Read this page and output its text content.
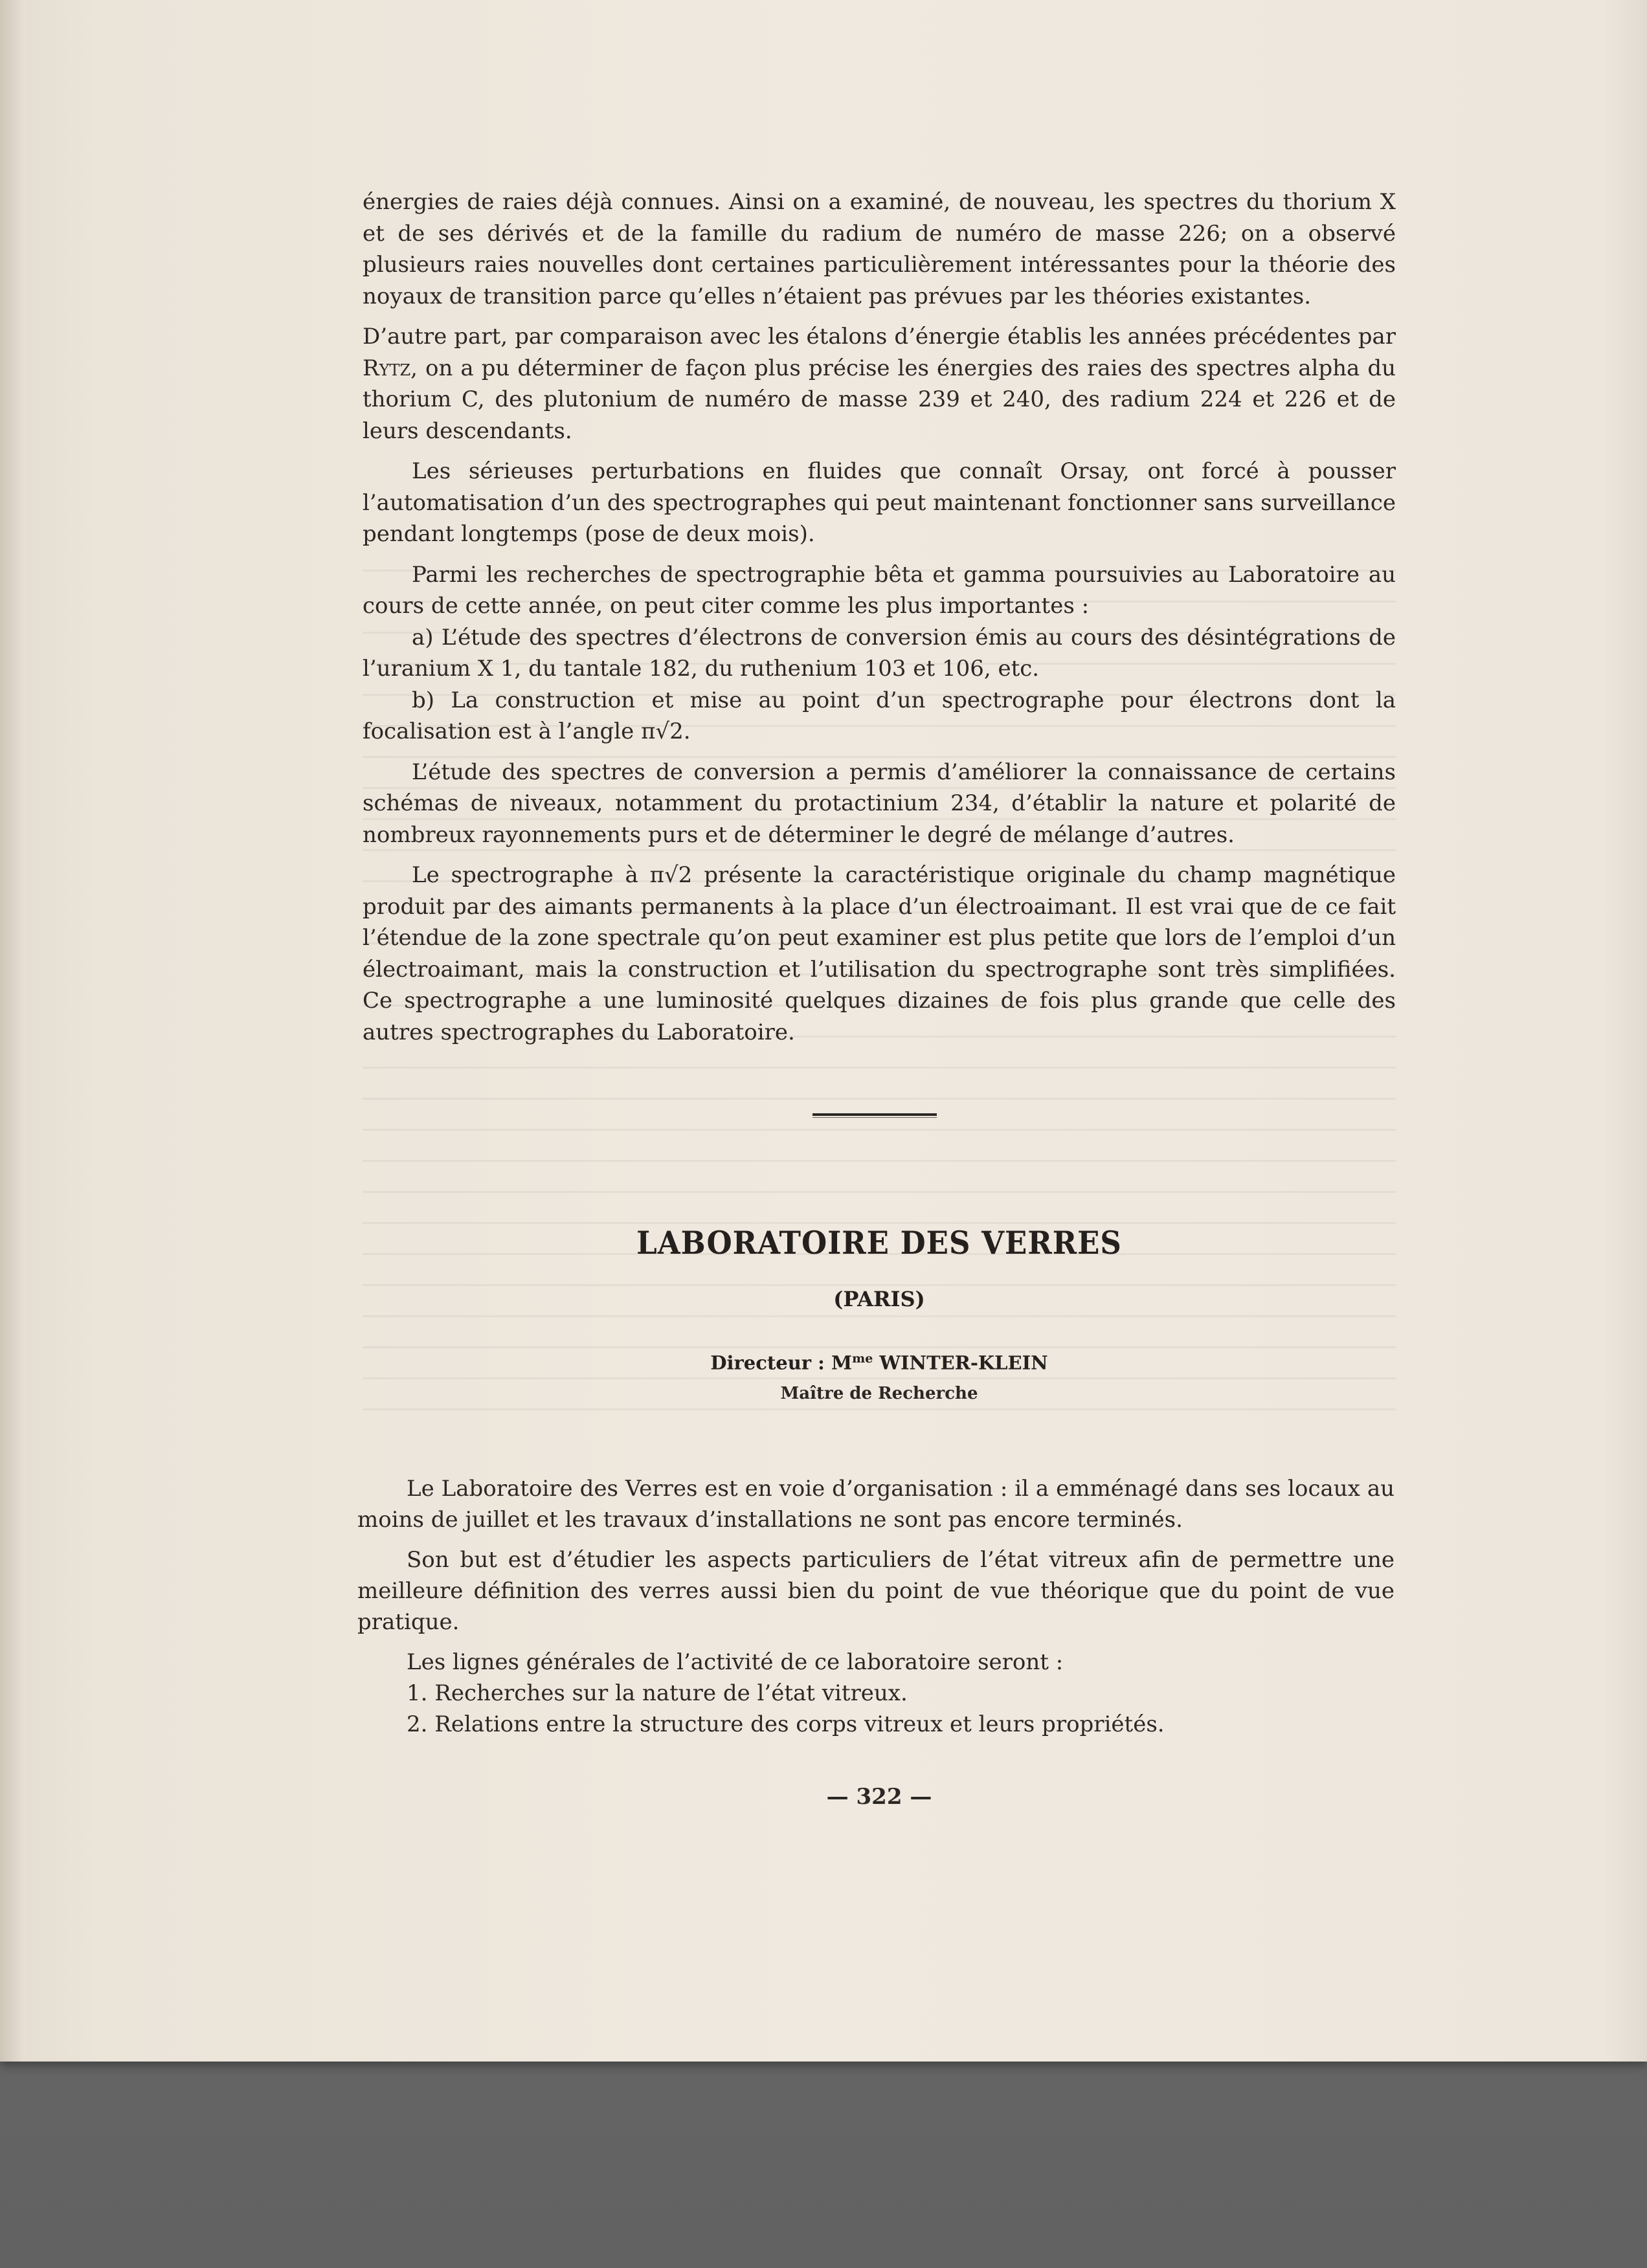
énergies de raies déjà connues. Ainsi on a examiné, de nouveau, les spectres du thorium X et de ses dérivés et de la famille du radium de numéro de masse 226; on a observé plusieurs raies nouvelles dont certaines particulièrement intéressantes pour la théorie des noyaux de transition parce qu’elles n’étaient pas prévues par les théories existantes.

D’autre part, par comparaison avec les étalons d’énergie établis les années précédentes par Rytz, on a pu déterminer de façon plus précise les énergies des raies des spectres alpha du thorium C, des plutonium de numéro de masse 239 et 240, des radium 224 et 226 et de leurs descendants.

Les sérieuses perturbations en fluides que connaît Orsay, ont forcé à pousser l’automatisation d’un des spectrographes qui peut maintenant fonctionner sans surveillance pendant longtemps (pose de deux mois).

Parmi les recherches de spectrographie bêta et gamma poursuivies au Laboratoire au cours de cette année, on peut citer comme les plus importantes :

a) L’étude des spectres d’électrons de conversion émis au cours des désintégrations de l’uranium X 1, du tantale 182, du ruthenium 103 et 106, etc.

b) La construction et mise au point d’un spectrographe pour électrons dont la focalisation est à l’angle π√2.

L’étude des spectres de conversion a permis d’améliorer la connaissance de certains schémas de niveaux, notamment du protactinium 234, d’établir la nature et polarité de nombreux rayonnements purs et de déterminer le degré de mélange d’autres.

Le spectrographe à π√2 présente la caractéristique originale du champ magnétique produit par des aimants permanents à la place d’un électroaimant. Il est vrai que de ce fait l’étendue de la zone spectrale qu’on peut examiner est plus petite que lors de l’emploi d’un électroaimant, mais la construction et l’utilisation du spectrographe sont très simplifiées. Ce spectrographe a une luminosité quelques dizaines de fois plus grande que celle des autres spectrographes du Laboratoire.

LABORATOIRE DES VERRES
(PARIS)
Directeur : $M^{me}$ WINTER-KLEIN
Maître de Recherche

Le Laboratoire des Verres est en voie d’organisation : il a emménagé dans ses locaux au moins de juillet et les travaux d’installations ne sont pas encore terminés.

Son but est d’étudier les aspects particuliers de l’état vitreux afin de permettre une meilleure définition des verres aussi bien du point de vue théorique que du point de vue pratique.

Les lignes générales de l’activité de ce laboratoire seront :

1. Recherches sur la nature de l’état vitreux.

2. Relations entre la structure des corps vitreux et leurs propriétés.

— 322 —
